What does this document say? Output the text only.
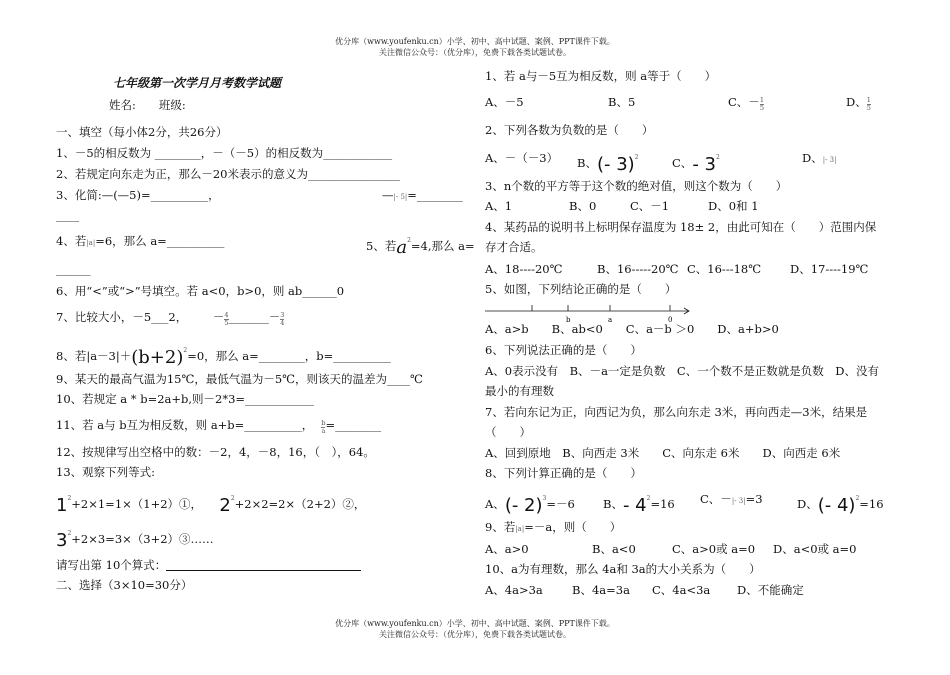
优分库（www.youfenku.cn）小学、初中、高中试题、案例、PPT课件下载。
关注微信公众号：（优分库），免费下载各类试题试卷。
七年级第一次学月月考数学试题
姓名:　　班级:
一、填空（每小体2分，共26分）
1、－5的相反数为 ________，－（－5）的相反数为____________
2、若规定向东走为正，那么－20米表示的意义为________________
3、化简:—(—5)=__________，	—|- 5|=________
____
4、若|a|=6，那么 a=__________	5、若$a^2=4$,那么 a=
______
6、用“<”或“>”号填空。若 a<0，b>0，则 ab______0
7、比较大小，－5___2， － $\frac{4}{5}$ _______－ $\frac{3}{4}$
8、若$|a-3|+(b+2)^2=0$，那么 a=________，b=__________
9、某天的最高气温为15℃，最低气温为－5℃，则该天的温差为____℃
10、若规定 a * b=2a+b,则－2*3=____________
11、若 a与 b互为相反数，则 a+b=__________， $\frac{b}{a}$ =________
12、按规律写出空格中的数：－2，4，－8，16，（　），64。
13、观察下列等式:
$1^2+2\times 1=1\times(1+2)①$， $2^2+2\times 2=2\times(2+2)②$，
$3^2+2\times 3=3\times(3+2)③\dots\dots$
请写出第 10个算式：
二、选择（3×10=30分）
1、若 a与－5互为相反数，则 a等于（　　）
A、－5	B、5	C、－ $\frac{1}{5}$	D、 $\frac{1}{5}$
2、下列各数为负数的是（　　）
A、－（－3） B、(- 3)$^2$	C、- $3^2$	D、|- 3|
3、n个数的平方等于这个数的绝对值，则这个数为（　　）
A、1	B、0	C、－1	D、0和 1
4、某药品的说明书上标明保存温度为 18± 2，由此可知在（　　）范围内保
存才合适。
A、18----20℃	B、16-----20℃ C、16---18℃	D、17----19℃
5、如图，下列结论正确的是（　　）
b	a	0
A、a>b　　B、ab<0　　C、a－b ＞0　　D、a+b>0
6、下列说法正确的是（　　）
A、0表示没有　B、－a一定是负数　C、一个数不是正数就是负数　D、没有
最小的有理数
7、若向东记为正，向西记为负，那么向东走 3米，再向西走—3米，结果是
（　　）
A、回到原地　B、向西走 3米　　C、向东走 6米　　D、向西走 6米
8、下列计算正确的是（　　）
A、(- 2)$^3$=－6 B、- $4^2=16$ C、－|- 3|=3	D、(- 4)$^2$=16
9、若|a|=－a，则（　　）
A、a>0	B、a<0	C、a>0或 a=0 D、a<0或 a=0
10、a为有理数，那么 4a和 3a的大小关系为（　　）
A、4a>3a	B、4a=3a C、4a<3a D、不能确定
优分库（www.youfenku.cn）小学、初中、高中试题、案例、PPT课件下载。
关注微信公众号：（优分库），免费下载各类试题试卷。
